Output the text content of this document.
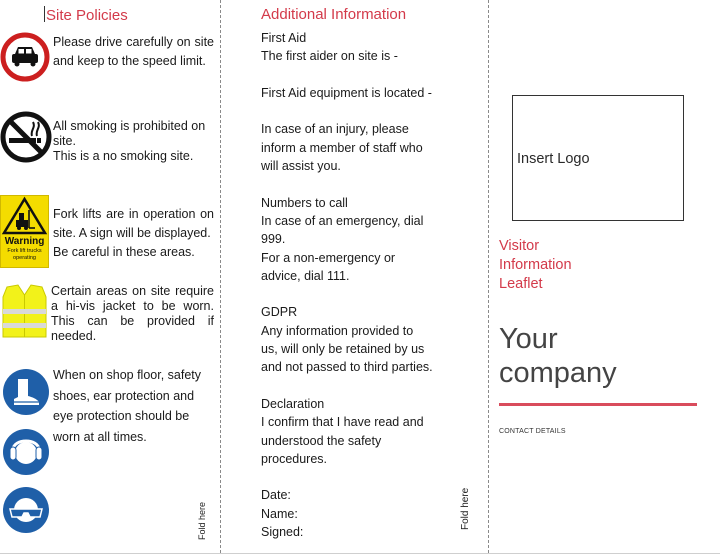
Fold here	Fold here
Site Policies
Please drive carefully on site and keep to the speed limit.
All smoking is prohibited on site.
This is a no smoking site.
Warning
Fork lift trucks operating
Fork lifts are in operation on site. A sign will be displayed.
Be careful in these areas.
Certain areas on site require a hi-vis jacket to be worn. This can be provided if needed.
When on shop floor, safety shoes, ear protection and eye protection should be worn at all times.
Additional Information
First Aid
The first aider on site is -
First Aid equipment is located -
In case of an injury, please
inform a member of staff who
will assist you.
Numbers to call
In case of an emergency, dial
999.
For a non-emergency or
advice, dial 111.
GDPR
Any information provided to
us, will only be retained by us
and not passed to third parties.
Declaration
I confirm that I have read and
understood the safety
procedures.
Date:
Name:
Signed:
Insert Logo
Visitor
Information
Leaflet
Your
company
CONTACT DETAILS
